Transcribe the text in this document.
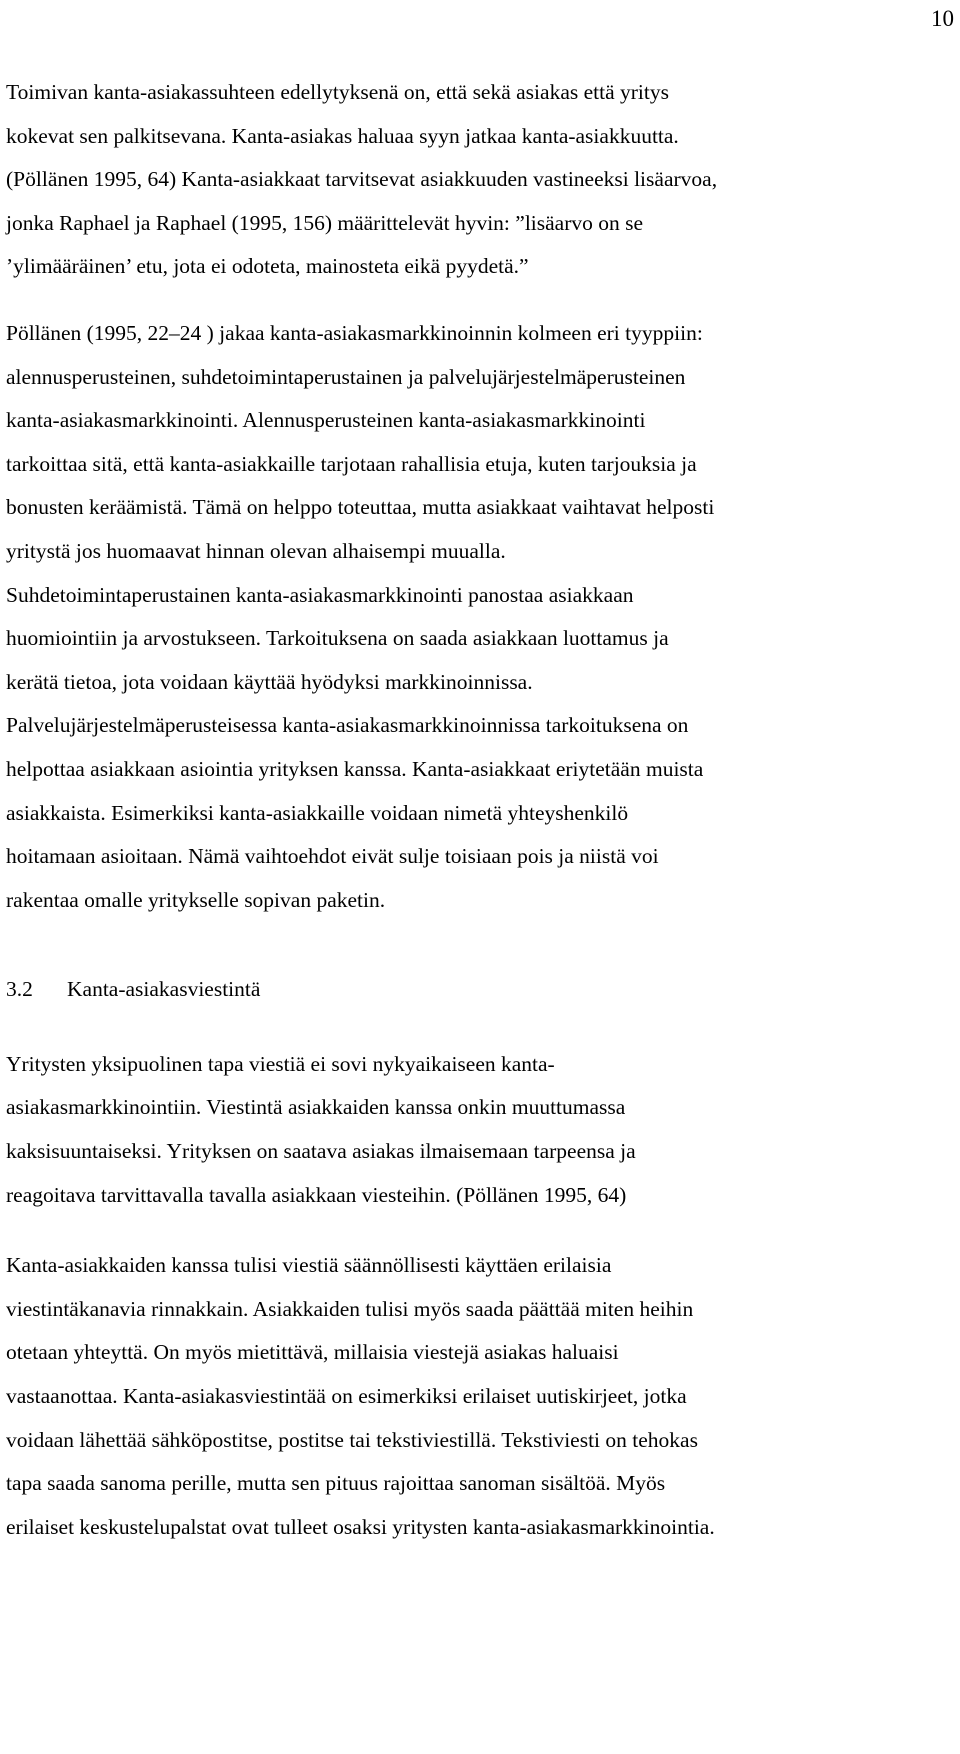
10
Toimivan kanta-asiakassuhteen edellytyksenä on, että sekä asiakas että yritys
kokevat sen palkitsevana. Kanta-asiakas haluaa syyn jatkaa kanta-asiakkuutta.
(Pöllänen 1995, 64) Kanta-asiakkaat tarvitsevat asiakkuuden vastineeksi lisäarvoa,
jonka Raphael ja Raphael (1995, 156) määrittelevät hyvin: ”lisäarvo on se
’ylimääräinen’ etu, jota ei odoteta, mainosteta eikä pyydetä.”
Pöllänen (1995, 22–24 ) jakaa kanta-asiakasmarkkinoinnin kolmeen eri tyyppiin:
alennusperusteinen, suhdetoimintaperustainen ja palvelujärjestelmäperusteinen
kanta-asiakasmarkkinointi. Alennusperusteinen kanta-asiakasmarkkinointi
tarkoittaa sitä, että kanta-asiakkaille tarjotaan rahallisia etuja, kuten tarjouksia ja
bonusten keräämistä. Tämä on helppo toteuttaa, mutta asiakkaat vaihtavat helposti
yritystä jos huomaavat hinnan olevan alhaisempi muualla.
Suhdetoimintaperustainen kanta-asiakasmarkkinointi panostaa asiakkaan
huomiointiin ja arvostukseen. Tarkoituksena on saada asiakkaan luottamus ja
kerätä tietoa, jota voidaan käyttää hyödyksi markkinoinnissa.
Palvelujärjestelmäperusteisessa kanta-asiakasmarkkinoinnissa tarkoituksena on
helpottaa asiakkaan asiointia yrityksen kanssa. Kanta-asiakkaat eriytetään muista
asiakkaista. Esimerkiksi kanta-asiakkaille voidaan nimetä yhteyshenkilö
hoitamaan asioitaan. Nämä vaihtoehdot eivät sulje toisiaan pois ja niistä voi
rakentaa omalle yritykselle sopivan paketin.
3.2 Kanta-asiakasviestintä
Yritysten yksipuolinen tapa viestiä ei sovi nykyaikaiseen kanta-
asiakasmarkkinointiin. Viestintä asiakkaiden kanssa onkin muuttumassa
kaksisuuntaiseksi. Yrityksen on saatava asiakas ilmaisemaan tarpeensa ja
reagoitava tarvittavalla tavalla asiakkaan viesteihin. (Pöllänen 1995, 64)
Kanta-asiakkaiden kanssa tulisi viestiä säännöllisesti käyttäen erilaisia
viestintäkanavia rinnakkain. Asiakkaiden tulisi myös saada päättää miten heihin
otetaan yhteyttä. On myös mietittävä, millaisia viestejä asiakas haluaisi
vastaanottaa. Kanta-asiakasviestintää on esimerkiksi erilaiset uutiskirjeet, jotka
voidaan lähettää sähköpostitse, postitse tai tekstiviestillä. Tekstiviesti on tehokas
tapa saada sanoma perille, mutta sen pituus rajoittaa sanoman sisältöä. Myös
erilaiset keskustelupalstat ovat tulleet osaksi yritysten kanta-asiakasmarkkinointia.
